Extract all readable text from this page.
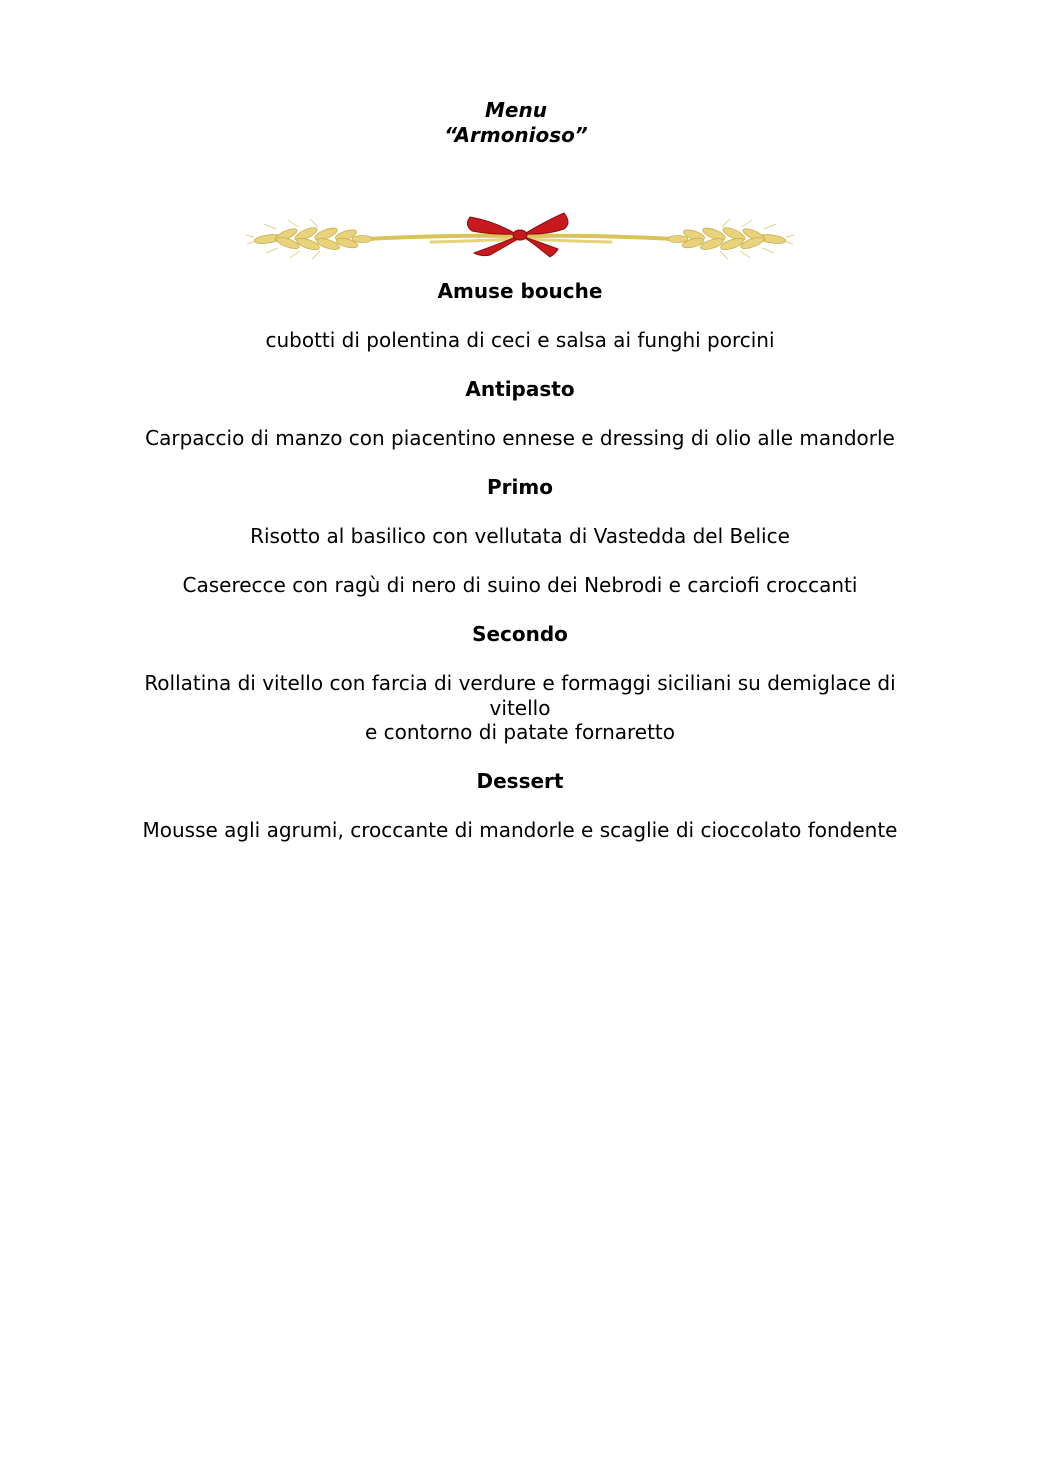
Menu
“Armonioso”
Amuse bouche
cubotti di polentina di ceci e salsa ai funghi porcini
Antipasto
Carpaccio di manzo con piacentino ennese e dressing di olio alle mandorle
Primo
Risotto al basilico con vellutata di Vastedda del Belice
Caserecce con ragù di nero di suino dei Nebrodi e carciofi croccanti
Secondo
Rollatina di vitello con farcia di verdure e formaggi siciliani su demiglace di
vitello
e contorno di patate fornaretto
Dessert
Mousse agli agrumi, croccante di mandorle e scaglie di cioccolato fondente
